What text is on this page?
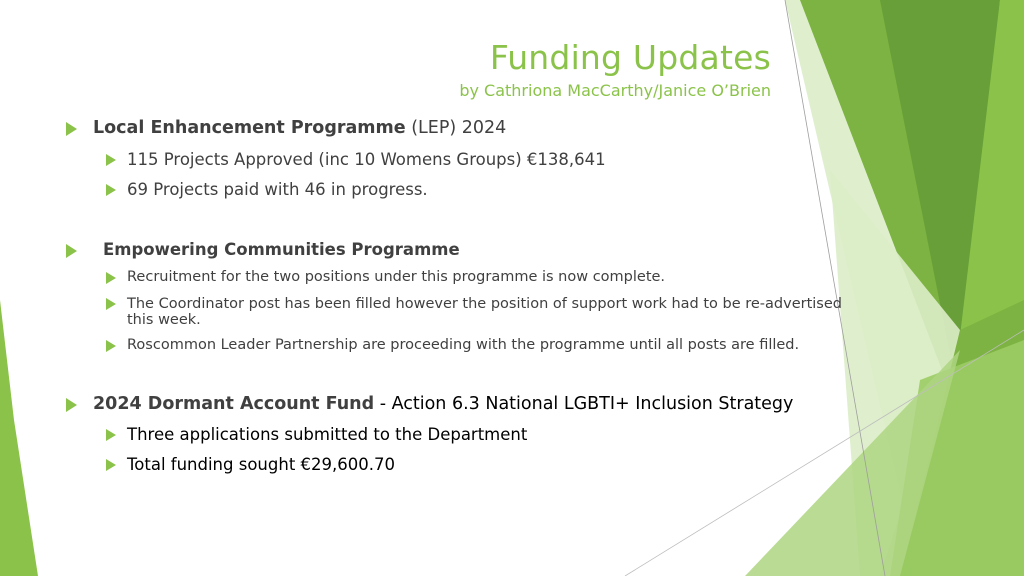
Funding Updates
by Cathriona MacCarthy/Janice O’Brien
Local Enhancement Programme (LEP) 2024
115 Projects Approved (inc 10 Womens Groups) €138,641
69 Projects paid with 46 in progress.
Empowering Communities Programme
Recruitment for the two positions under this programme is now complete.
The Coordinator post has been filled however the position of support work had to be re-advertised this week.
Roscommon Leader Partnership are proceeding with the programme until all posts are filled.
2024 Dormant Account Fund - Action 6.3 National LGBTI+ Inclusion Strategy
Three applications submitted to the Department
Total funding sought €29,600.70
